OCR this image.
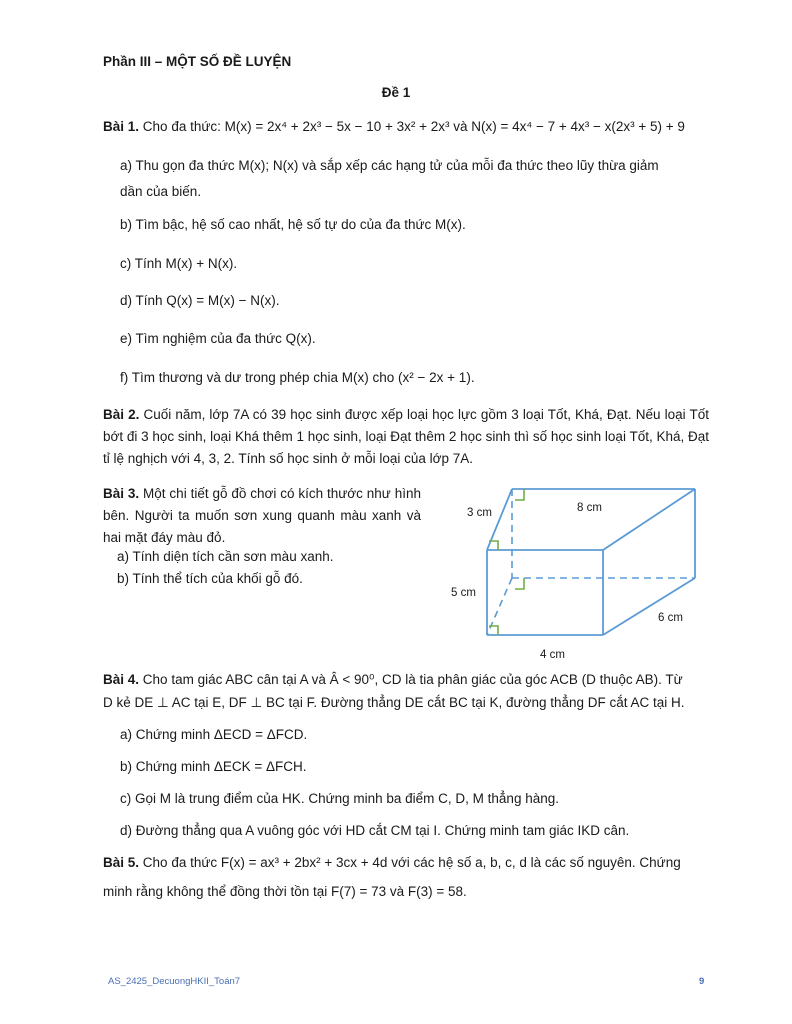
Phần III – MỘT SỐ ĐỀ LUYỆN
Đề 1
Bài 1. Cho đa thức: M(x) = 2x⁴ + 2x³ − 5x − 10 + 3x² + 2x³ và N(x) = 4x⁴ − 7 + 4x³ − x(2x³ + 5) + 9
a) Thu gọn đa thức M(x); N(x) và sắp xếp các hạng tử của mỗi đa thức theo lũy thừa giảm
dần của biến.
b) Tìm bậc, hệ số cao nhất, hệ số tự do của đa thức M(x).
c) Tính M(x) + N(x).
d) Tính Q(x) = M(x) − N(x).
e) Tìm nghiệm của đa thức Q(x).
f) Tìm thương và dư trong phép chia M(x) cho (x² − 2x + 1).
Bài 2. Cuối năm, lớp 7A có 39 học sinh được xếp loại học lực gồm 3 loại Tốt, Khá, Đạt. Nếu loại Tốt bớt đi 3 học sinh, loại Khá thêm 1 học sinh, loại Đạt thêm 2 học sinh thì số học sinh loại Tốt, Khá, Đạt tỉ lệ nghịch với 4, 3, 2. Tính số học sinh ở mỗi loại của lớp 7A.
Bài 3. Một chi tiết gỗ đồ chơi có kích thước như hình bên. Người ta muốn sơn xung quanh màu xanh và hai mặt đáy màu đỏ.
a) Tính diện tích cần sơn màu xanh.
b) Tính thể tích của khối gỗ đó.
3 cm	8 cm
5 cm
6 cm
4 cm
Bài 4. Cho tam giác ABC cân tại A và Â < 90⁰, CD là tia phân giác của góc ACB (D thuộc AB). Từ
D kẻ DE ⊥ AC tại E, DF ⊥ BC tại F. Đường thẳng DE cắt BC tại K, đường thẳng DF cắt AC tại H.
a) Chứng minh ΔECD = ΔFCD.
b) Chứng minh ΔECK = ΔFCH.
c) Gọi M là trung điểm của HK. Chứng minh ba điểm C, D, M thẳng hàng.
d) Đường thẳng qua A vuông góc với HD cắt CM tại I. Chứng minh tam giác IKD cân.
Bài 5. Cho đa thức F(x) = ax³ + 2bx² + 3cx + 4d với các hệ số a, b, c, d là các số nguyên. Chứng
minh rằng không thể đồng thời tồn tại F(7) = 73 và F(3) = 58.
AS_2425_DecuongHKII_Toán7	9
